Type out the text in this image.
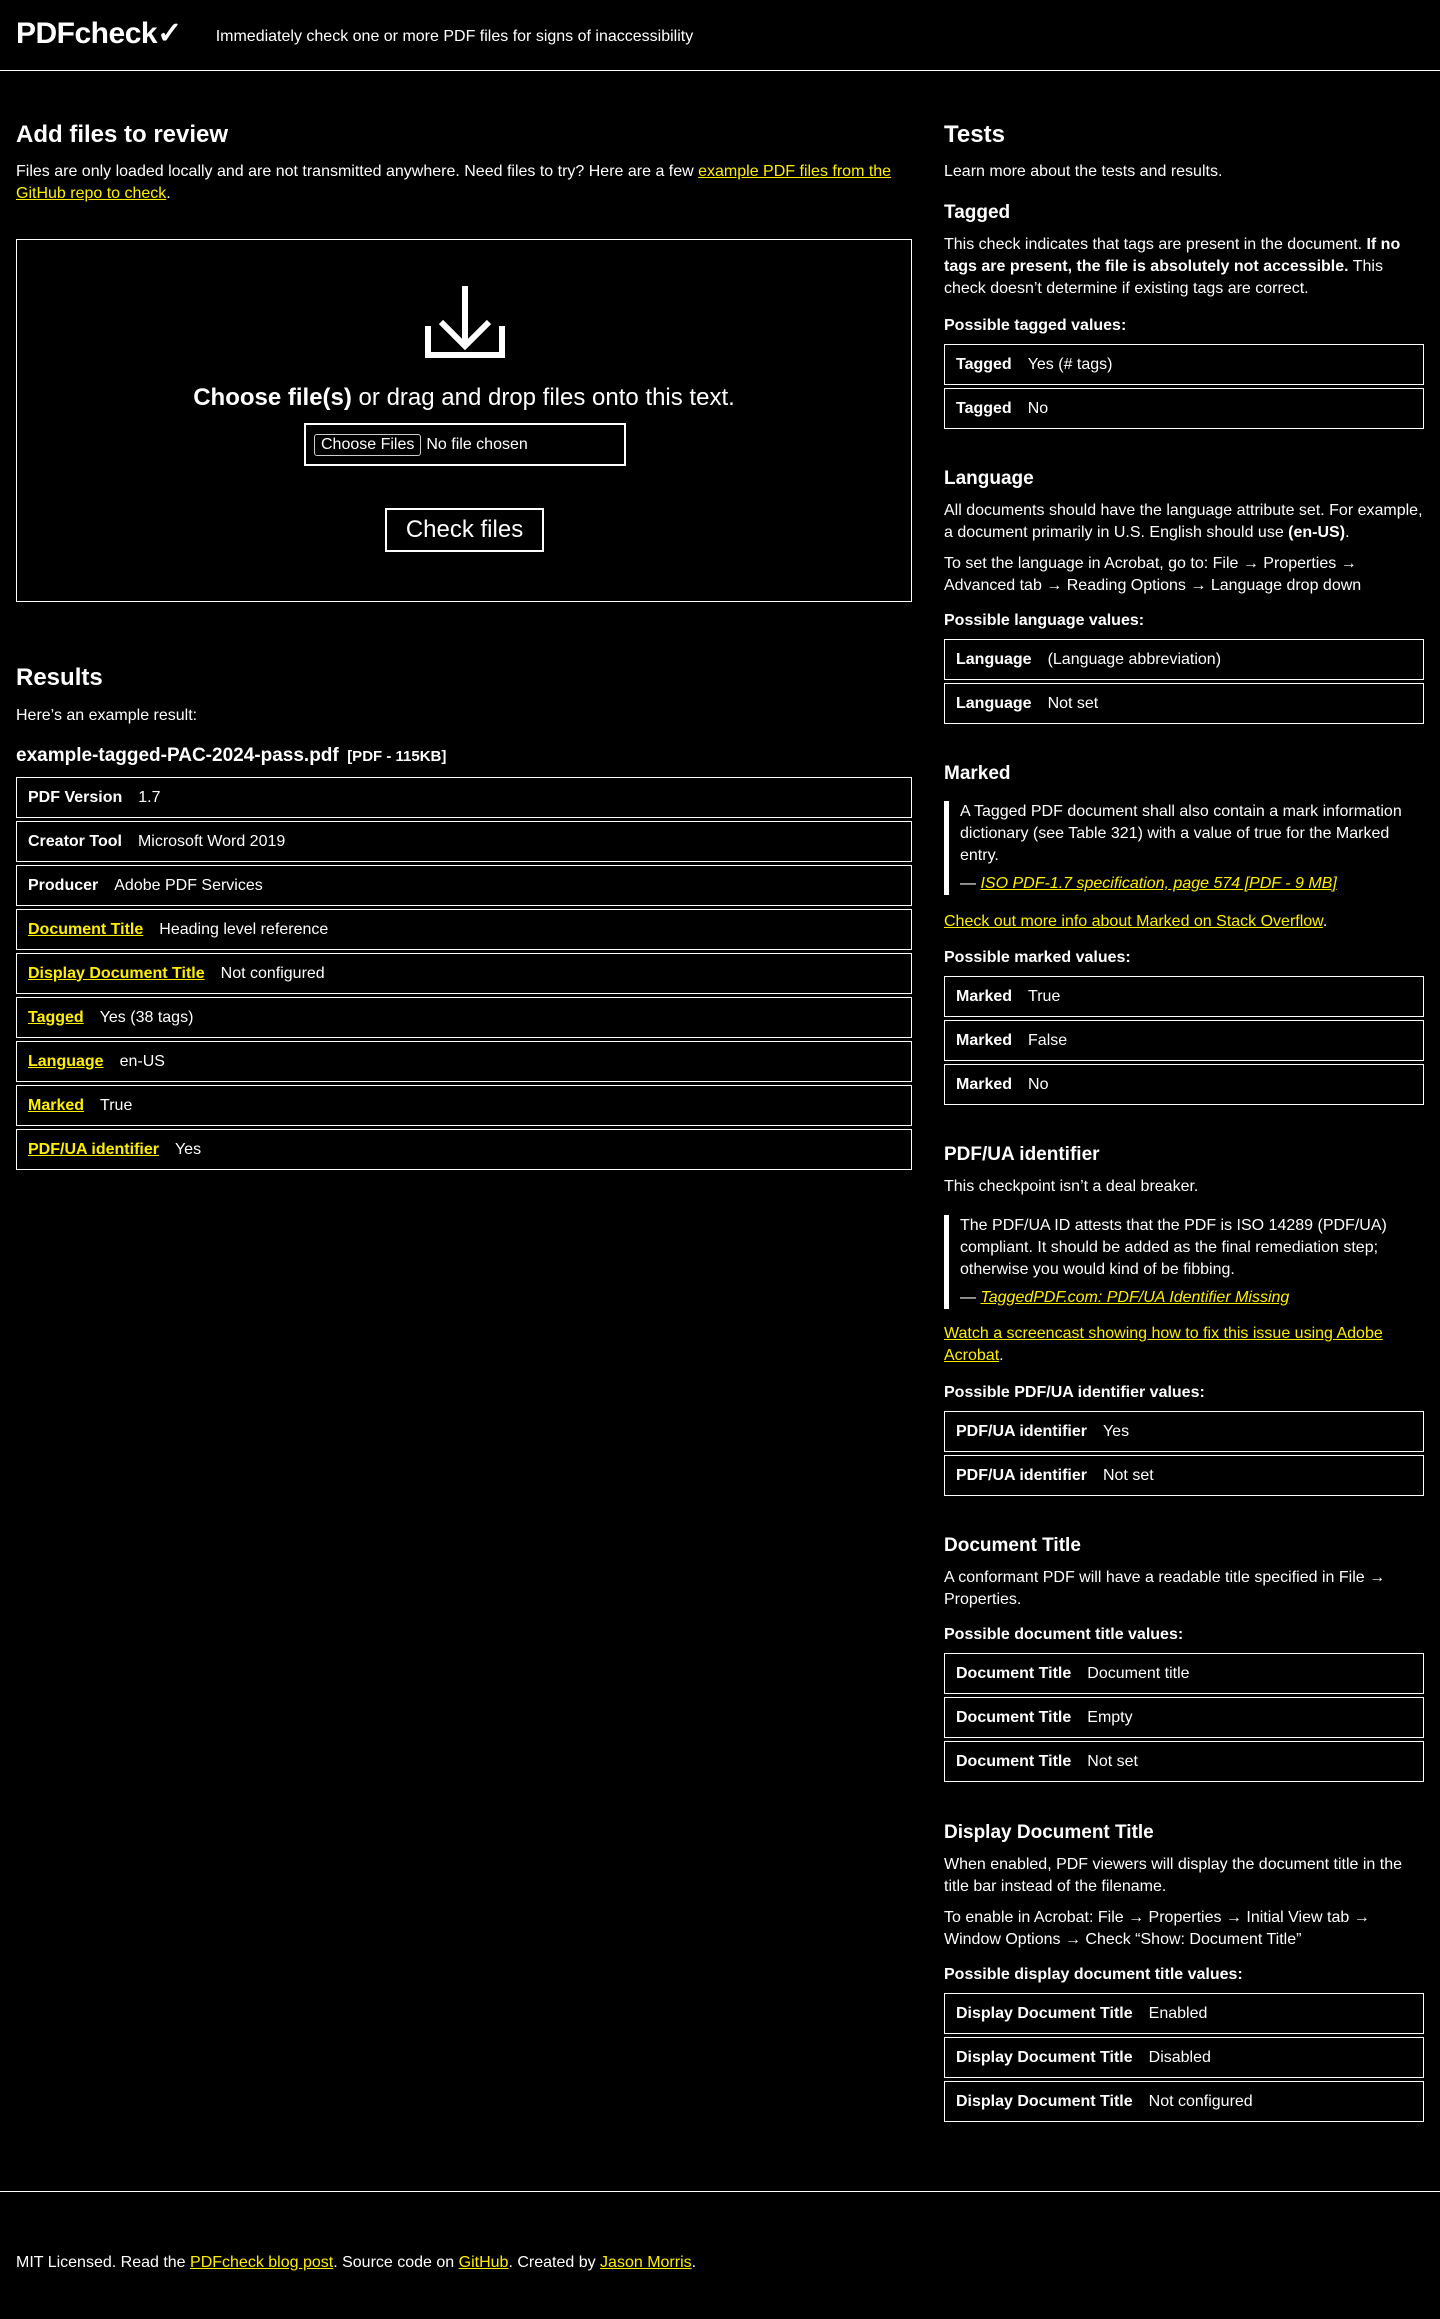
PDFcheck✓ Immediately check one or more PDF files for signs of inaccessibility
Add files to review

Files are only loaded locally and are not transmitted anywhere. Need files to try? Here are a few example PDF files from the
GitHub repo to check.

Choose file(s) or drag and drop files onto this text.
Choose Files No file chosen
Check files
Results

Here’s an example result:

example-tagged-PAC-2024-pass.pdf [PDF - 115KB]
PDF Version 1.7
Creator Tool Microsoft Word 2019
Producer Adobe PDF Services
Document Title Heading level reference
Display Document Title Not configured
Tagged Yes (38 tags)
Language en-US
Marked True
PDF/UA identifier Yes
Tests

Learn more about the tests and results.

Tagged

This check indicates that tags are present in the document. If no tags are present, the file is absolutely not accessible. This check doesn’t determine if existing tags are correct.

Possible tagged values:
Tagged Yes (# tags)
Tagged No
Language

All documents should have the language attribute set. For example, a document primarily in U.S. English should use (en-US).

To set the language in Acrobat, go to: File → Properties → Advanced tab → Reading Options → Language drop down

Possible language values:
Language (Language abbreviation)
Language Not set
Marked

A Tagged PDF document shall also contain a mark information dictionary (see Table 321) with a value of true for the Marked entry.

— ISO PDF-1.7 specification, page 574 [PDF - 9 MB]

Check out more info about Marked on Stack Overflow.

Possible marked values:
Marked True
Marked False
Marked No
PDF/UA identifier

This checkpoint isn’t a deal breaker.

The PDF/UA ID attests that the PDF is ISO 14289 (PDF/UA) compliant. It should be added as the final remediation step; otherwise you would kind of be fibbing.

— TaggedPDF.com: PDF/UA Identifier Missing

Watch a screencast showing how to fix this issue using Adobe Acrobat.

Possible PDF/UA identifier values:
PDF/UA identifier Yes
PDF/UA identifier Not set
Document Title

A conformant PDF will have a readable title specified in File → Properties.

Possible document title values:
Document Title Document title
Document Title Empty
Document Title Not set
Display Document Title

When enabled, PDF viewers will display the document title in the title bar instead of the filename.

To enable in Acrobat: File → Properties → Initial View tab → Window Options → Check “Show: Document Title”

Possible display document title values:
Display Document Title Enabled
Display Document Title Disabled
Display Document Title Not configured

MIT Licensed. Read the PDFcheck blog post. Source code on GitHub. Created by Jason Morris.
